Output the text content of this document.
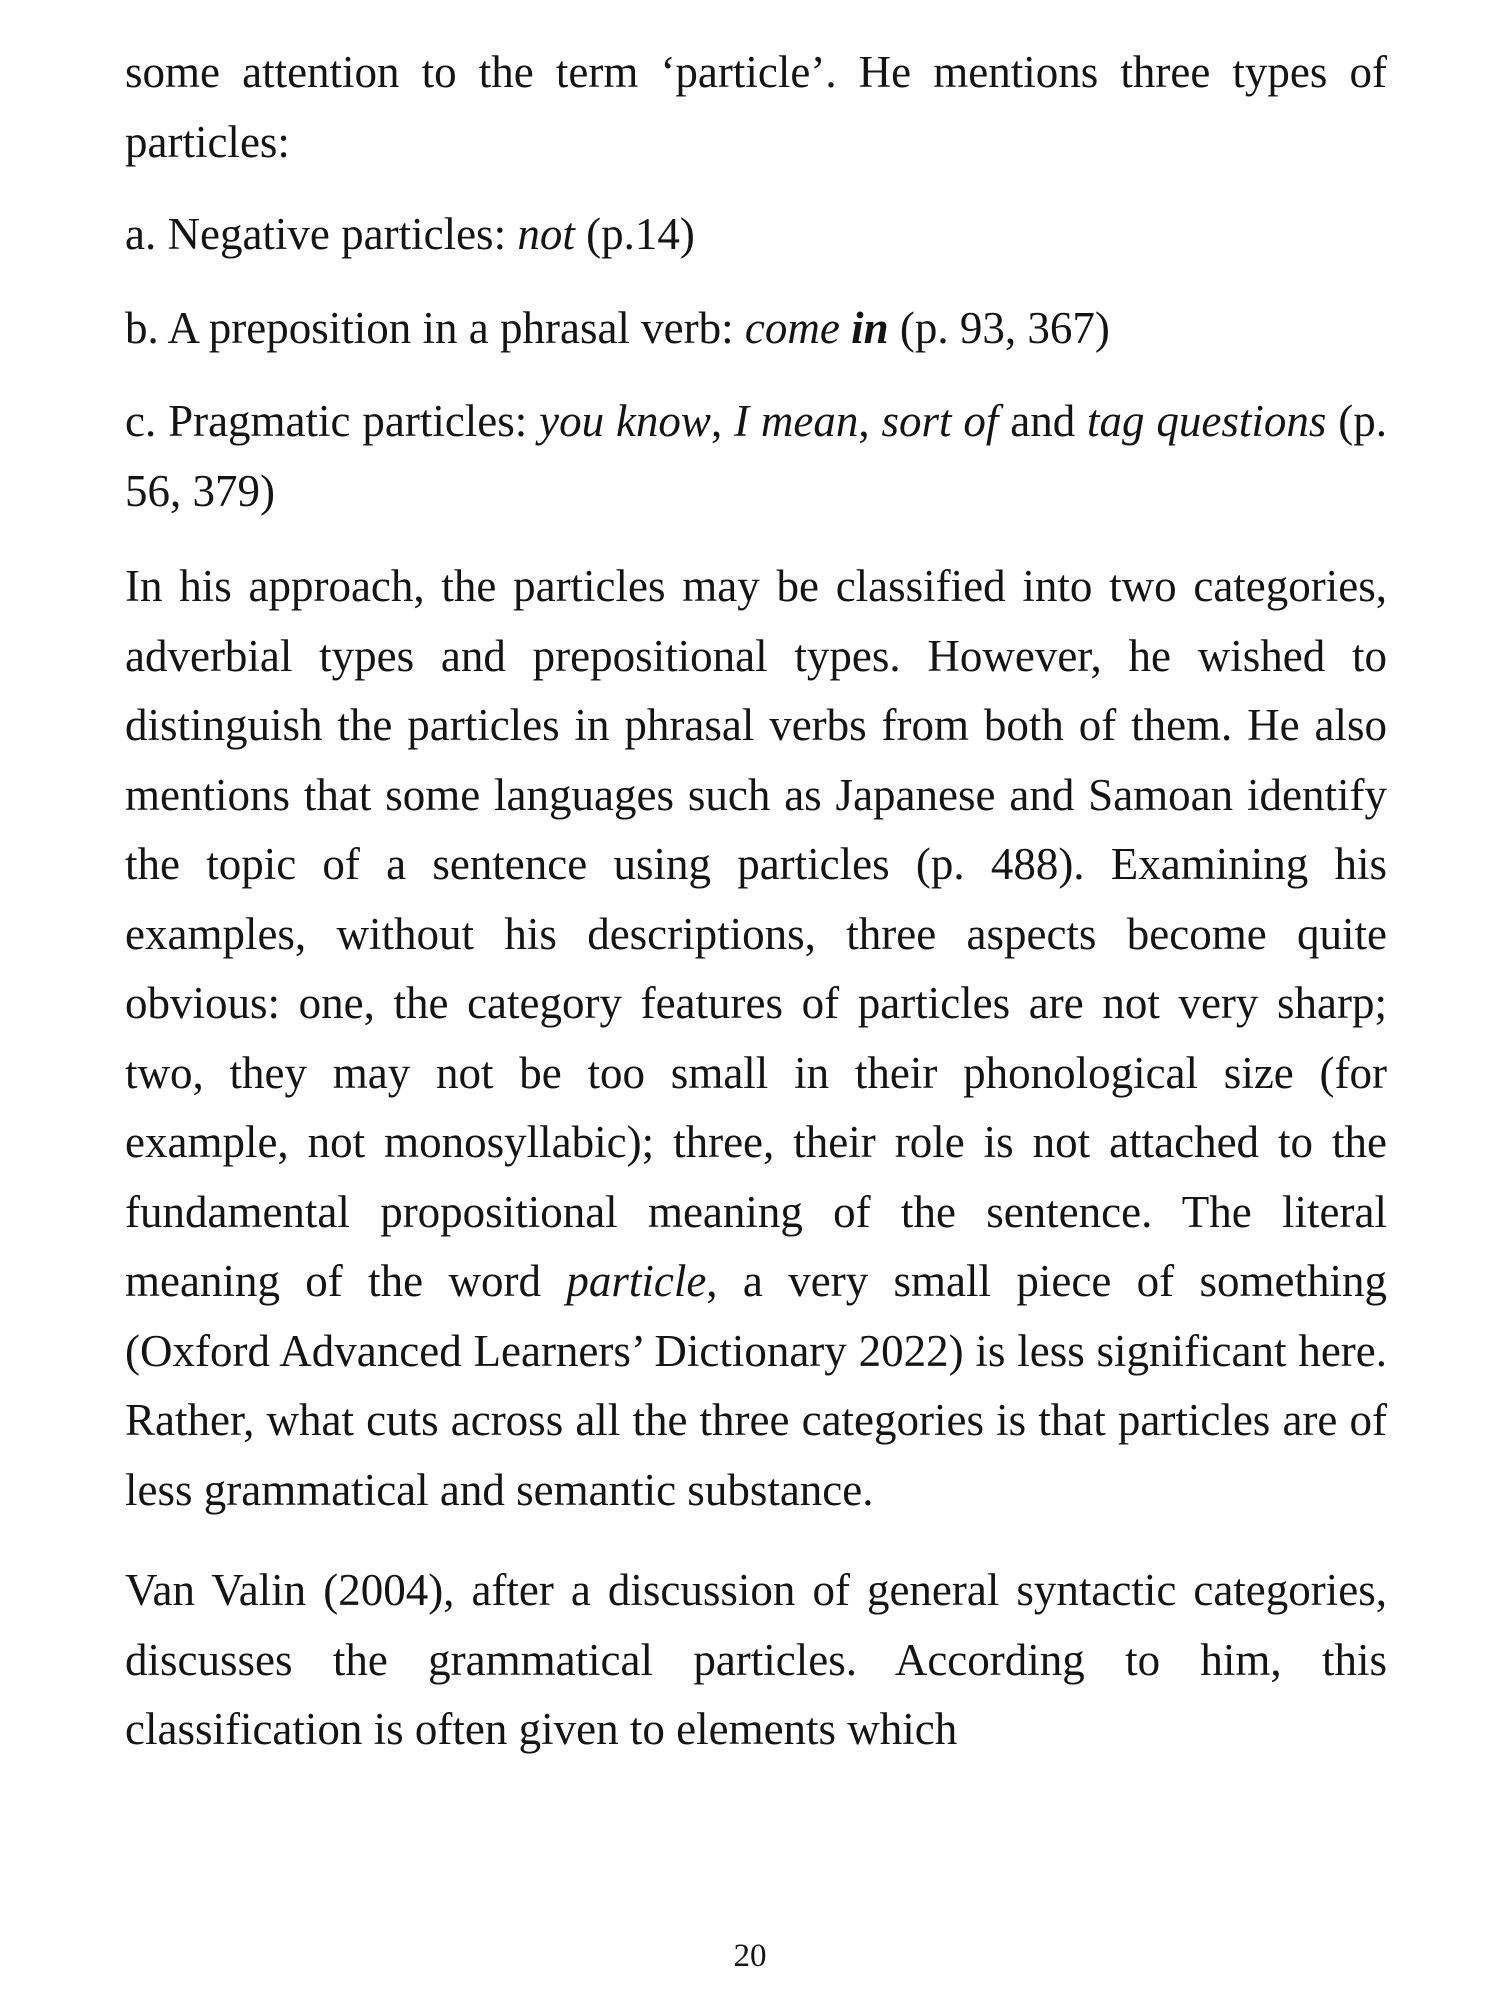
some attention to the term ‘particle’. He mentions three types of particles:

a. Negative particles: not (p.14)

b. A preposition in a phrasal verb: come in (p. 93, 367)

c. Pragmatic particles: you know, I mean, sort of and tag questions (p. 56, 379)

In his approach, the particles may be classified into two categories, adverbial types and prepositional types. However, he wished to distinguish the particles in phrasal verbs from both of them. He also mentions that some languages such as Japanese and Samoan identify the topic of a sentence using particles (p. 488). Examining his examples, without his descriptions, three aspects become quite obvious: one, the category features of particles are not very sharp; two, they may not be too small in their phonological size (for example, not monosyllabic); three, their role is not attached to the fundamental propositional meaning of the sentence. The literal meaning of the word particle, a very small piece of something (Oxford Advanced Learners’ Dictionary 2022) is less significant here. Rather, what cuts across all the three categories is that particles are of less grammatical and semantic substance.

Van Valin (2004), after a discussion of general syntactic categories, discusses the grammatical particles. According to him, this classification is often given to elements which

20
